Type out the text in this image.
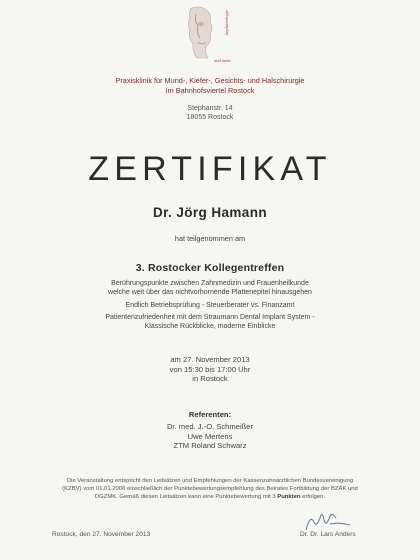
Implantologie
und mehr
Praxisklinik für Mund-, Kiefer-, Gesichts- und Halschirurgie
Im Bahnhofsviertel Rostock
Stephanstr. 14
18055 Rostock
ZERTIFIKAT
Dr. Jörg Hamann
hat teilgenommen am
3. Rostocker Kollegentreffen
Berührungspunkte zwischen Zahnmedizin und Frauenheilkunde
welche weit über das nichtvorhornende Plattenepitel hinausgehen
Endlich Betriebsprüfung - Steuerberater vs. Finanzamt
Patientenzufriedenheit mit dem Straumann Dental Implant System -
Klassische Rückblicke, moderne Einblicke
am 27. November 2013
von 15:30 bis 17:00 Uhr
in Rostock
Referenten:
Dr. med. J.-O. Schmeißer
Uwe Mertens
ZTM Roland Schwarz
Die Veranstaltung entspricht den Leitsätzen und Empfehlungen der Kassenzahnärztlichen Bundesvereinigung
(KZBV) vom 01.01.2006 einschließlich der Punktebewertungsempfehlung des Beirates Fortbildung der BZÄK und
DGZMK. Gemäß diesen Leitsätzen kann eine Punktebewertung mit 3 Punkten erfolgen.
Rostock, den 27. November 2013	Dr. Dr. Lars Anders
